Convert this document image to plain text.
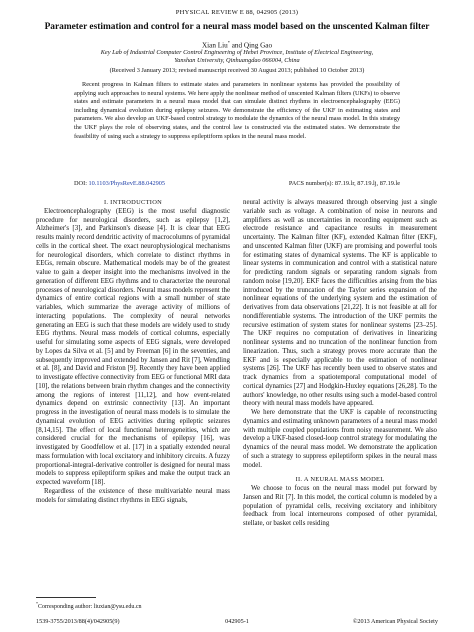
PHYSICAL REVIEW E 88, 042905 (2013)
Parameter estimation and control for a neural mass model based on the unscented Kalman filter
Xian Liu* and Qing Gao
Key Lab of Industrial Computer Control Engineering of Hebei Province, Institute of Electrical Engineering,
Yanshan University, Qinhuangdao 066004, China
(Received 3 January 2013; revised manuscript received 30 August 2013; published 10 October 2013)
Recent progress in Kalman filters to estimate states and parameters in nonlinear systems has provided the possibility of applying such approaches to neural systems. We here apply the nonlinear method of unscented Kalman filters (UKFs) to observe states and estimate parameters in a neural mass model that can simulate distinct rhythms in electroencephalography (EEG) including dynamical evolution during epilepsy seizures. We demonstrate the efficiency of the UKF in estimating states and parameters. We also develop an UKF-based control strategy to modulate the dynamics of the neural mass model. In this strategy the UKF plays the role of observing states, and the control law is constructed via the estimated states. We demonstrate the feasibility of using such a strategy to suppress epileptiform spikes in the neural mass model.
DOI: 10.1103/PhysRevE.88.042905	PACS number(s): 87.19.lr, 87.19.lj, 87.19.le

I. INTRODUCTION

Electroencephalography (EEG) is the most useful diagnostic procedure for neurological disorders, such as epilepsy [1,2], Alzheimer's [3], and Parkinson's disease [4]. It is clear that EEG results mainly record dendritic activity of macrocolumns of pyramidal cells in the cortical sheet. The exact neurophysiological mechanisms for neurological disorders, which correlate to distinct rhythms in EEGs, remain obscure. Mathematical models may be of the greatest value to gain a deeper insight into the mechanisms involved in the generation of different EEG rhythms and to characterize the neuronal processes of neurological disorders. Neural mass models represent the dynamics of entire cortical regions with a small number of state variables, which summarize the average activity of millions of interacting populations. The complexity of neural networks generating an EEG is such that these models are widely used to study EEG rhythms. Neural mass models of cortical columns, especially useful for simulating some aspects of EEG signals, were developed by Lopes da Silva et al. [5] and by Freeman [6] in the seventies, and subsequently improved and extended by Jansen and Rit [7], Wendling et al. [8], and David and Friston [9]. Recently they have been applied to investigate effective connectivity from EEG or functional MRI data [10], the relations between brain rhythm changes and the connectivity among the regions of interest [11,12], and how event-related dynamics depend on extrinsic connectivity [13]. An important progress in the investigation of neural mass models is to simulate the dynamical evolution of EEG activities during epileptic seizures [8,14,15]. The effect of local functional heterogeneities, which are considered crucial for the mechanisms of epilepsy [16], was investigated by Goodfellow et al. [17] in a spatially extended neural mass formulation with local excitatory and inhibitory circuits. A fuzzy proportional-integral-derivative controller is designed for neural mass models to suppress epileptiform spikes and make the output track an expected waveform [18].

Regardless of the existence of these multivariable neural mass models for simulating distinct rhythms in EEG signals,

neural activity is always measured through observing just a single variable such as voltage. A combination of noise in neurons and amplifiers as well as uncertainties in recording equipment such as electrode resistance and capacitance results in measurement uncertainty. The Kalman filter (KF), extended Kalman filter (EKF), and unscented Kalman filter (UKF) are promising and powerful tools for estimating states of dynamical systems. The KF is applicable to linear systems in communication and control with a statistical nature for predicting random signals or separating random signals from random noise [19,20]. EKF faces the difficulties arising from the bias introduced by the truncation of the Taylor series expansion of the nonlinear equations of the underlying system and the estimation of derivatives from data observations [21,22]. It is not feasible at all for nondifferentiable systems. The introduction of the UKF permits the recursive estimation of system states for nonlinear systems [23–25]. The UKF requires no computation of derivatives in linearizing nonlinear systems and no truncation of the nonlinear function from linearization. Thus, such a strategy proves more accurate than the EKF and is especially applicable to the estimation of nonlinear systems [26]. The UKF has recently been used to observe states and track dynamics from a spatiotemporal computational model of cortical dynamics [27] and Hodgkin-Huxley equations [26,28]. To the authors' knowledge, no other results using such a model-based control theory with neural mass models have appeared.

We here demonstrate that the UKF is capable of reconstructing dynamics and estimating unknown parameters of a neural mass model with multiple coupled populations from noisy measurement. We also develop a UKF-based closed-loop control strategy for modulating the dynamics of the neural mass model. We demonstrate the application of such a strategy to suppress epileptiform spikes in the neural mass model.

II. A NEURAL MASS MODEL

We choose to focus on the neural mass model put forward by Jansen and Rit [7]. In this model, the cortical column is modeled by a population of pyramidal cells, receiving excitatory and inhibitory feedback from local interneurons composed of other pyramidal, stellate, or basket cells residing

*Corresponding author: liuxian@ysu.edu.cn
1539-3755/2013/88(4)/042905(9)	042905-1	©2013 American Physical Society
